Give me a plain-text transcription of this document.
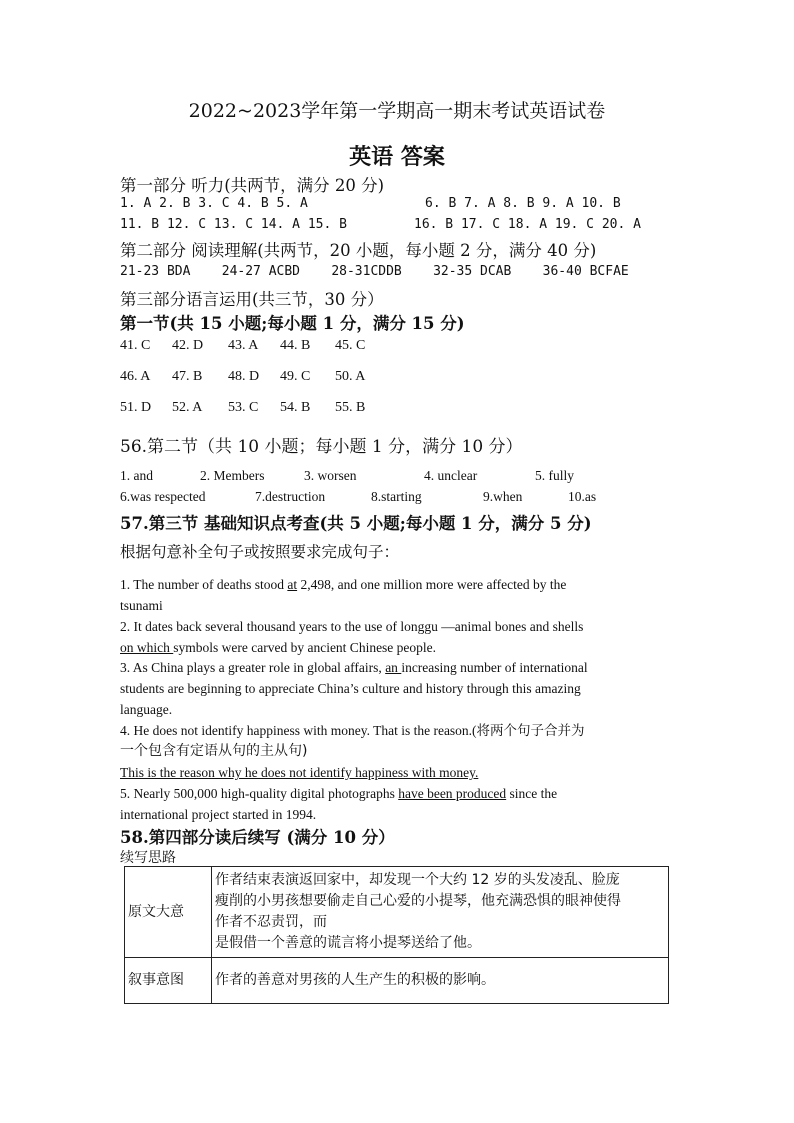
2022~2023学年第一学期高一期末考试英语试卷
英语 答案
第一部分 听力(共两节，满分 20 分)
1. A 2. B 3. C 4. B 5. A	6. B 7. A 8. B 9. A 10. B
11. B 12. C 13. C 14. A 15. B	16. B 17. C 18. A 19. C 20. A
第二部分 阅读理解(共两节，20 小题，每小题 2 分，满分 40 分)
21-23 BDA    24-27 ACBD    28-31CDDB    32-35 DCAB    36-40 BCFAE
第三部分语言运用(共三节，30 分）
第一节(共 15 小题;每小题 1 分，满分 15 分)
41. C 42. D 43. A 44. B 45. C
46. A 47. B 48. D 49. C 50. A
51. D 52. A 53. C 54. B 55. B
56.第二节（共 10 小题；每小题 1 分，满分 10 分）
1. and	2. Members	3. worsen	4. unclear	5. fully
6.was respected	7.destruction	8.starting	9.when	10.as
57.第三节 基础知识点考查(共 5 小题;每小题 1 分，满分 5 分)
根据句意补全句子或按照要求完成句子：
1. The number of deaths stood at 2,498, and one million more were affected by the
tsunami
2. It dates back several thousand years to the use of longgu —animal bones and shells
on which symbols were carved by ancient Chinese people.
3. As China plays a greater role in global affairs, an increasing number of international
students are beginning to appreciate China’s culture and history through this amazing
language.
4. He does not identify happiness with money. That is the reason.(将两个句子合并为
一个包含有定语从句的主从句)
This is the reason why he does not identify happiness with money.
5. Nearly 500,000 high-quality digital photographs have been produced since the
international project started in 1994.
58.第四部分读后续写 (满分 10 分）
续写思路
原文大意	作者结束表演返回家中，却发现一个大约 12 岁的头发凌乱、脸庞
瘦削的小男孩想要偷走自己心爱的小提琴，他充满恐惧的眼神使得
作者不忍责罚，而
是假借一个善意的谎言将小提琴送给了他。

叙事意图	作者的善意对男孩的人生产生的积极的影响。
